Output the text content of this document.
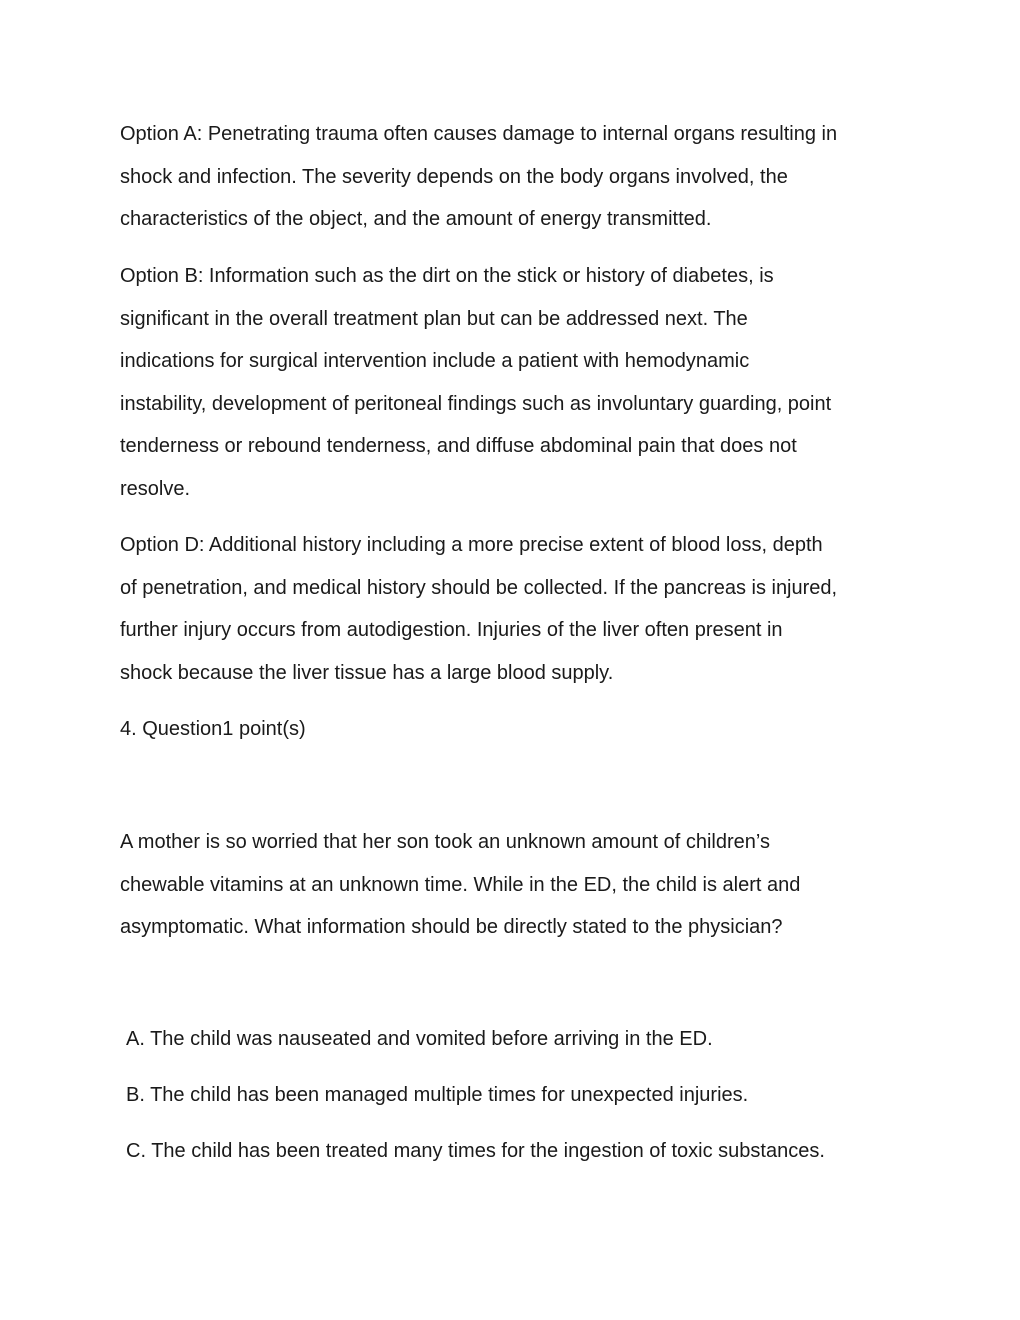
Option A: Penetrating trauma often causes damage to internal organs resulting in
shock and infection. The severity depends on the body organs involved, the
characteristics of the object, and the amount of energy transmitted.

Option B: Information such as the dirt on the stick or history of diabetes, is
significant in the overall treatment plan but can be addressed next. The
indications for surgical intervention include a patient with hemodynamic
instability, development of peritoneal findings such as involuntary guarding, point
tenderness or rebound tenderness, and diffuse abdominal pain that does not
resolve.

Option D: Additional history including a more precise extent of blood loss, depth
of penetration, and medical history should be collected. If the pancreas is injured,
further injury occurs from autodigestion. Injuries of the liver often present in
shock because the liver tissue has a large blood supply.

4. Question1 point(s)

A mother is so worried that her son took an unknown amount of children’s
chewable vitamins at an unknown time. While in the ED, the child is alert and
asymptomatic. What information should be directly stated to the physician?

A. The child was nauseated and vomited before arriving in the ED.

B. The child has been managed multiple times for unexpected injuries.

C. The child has been treated many times for the ingestion of toxic substances.
